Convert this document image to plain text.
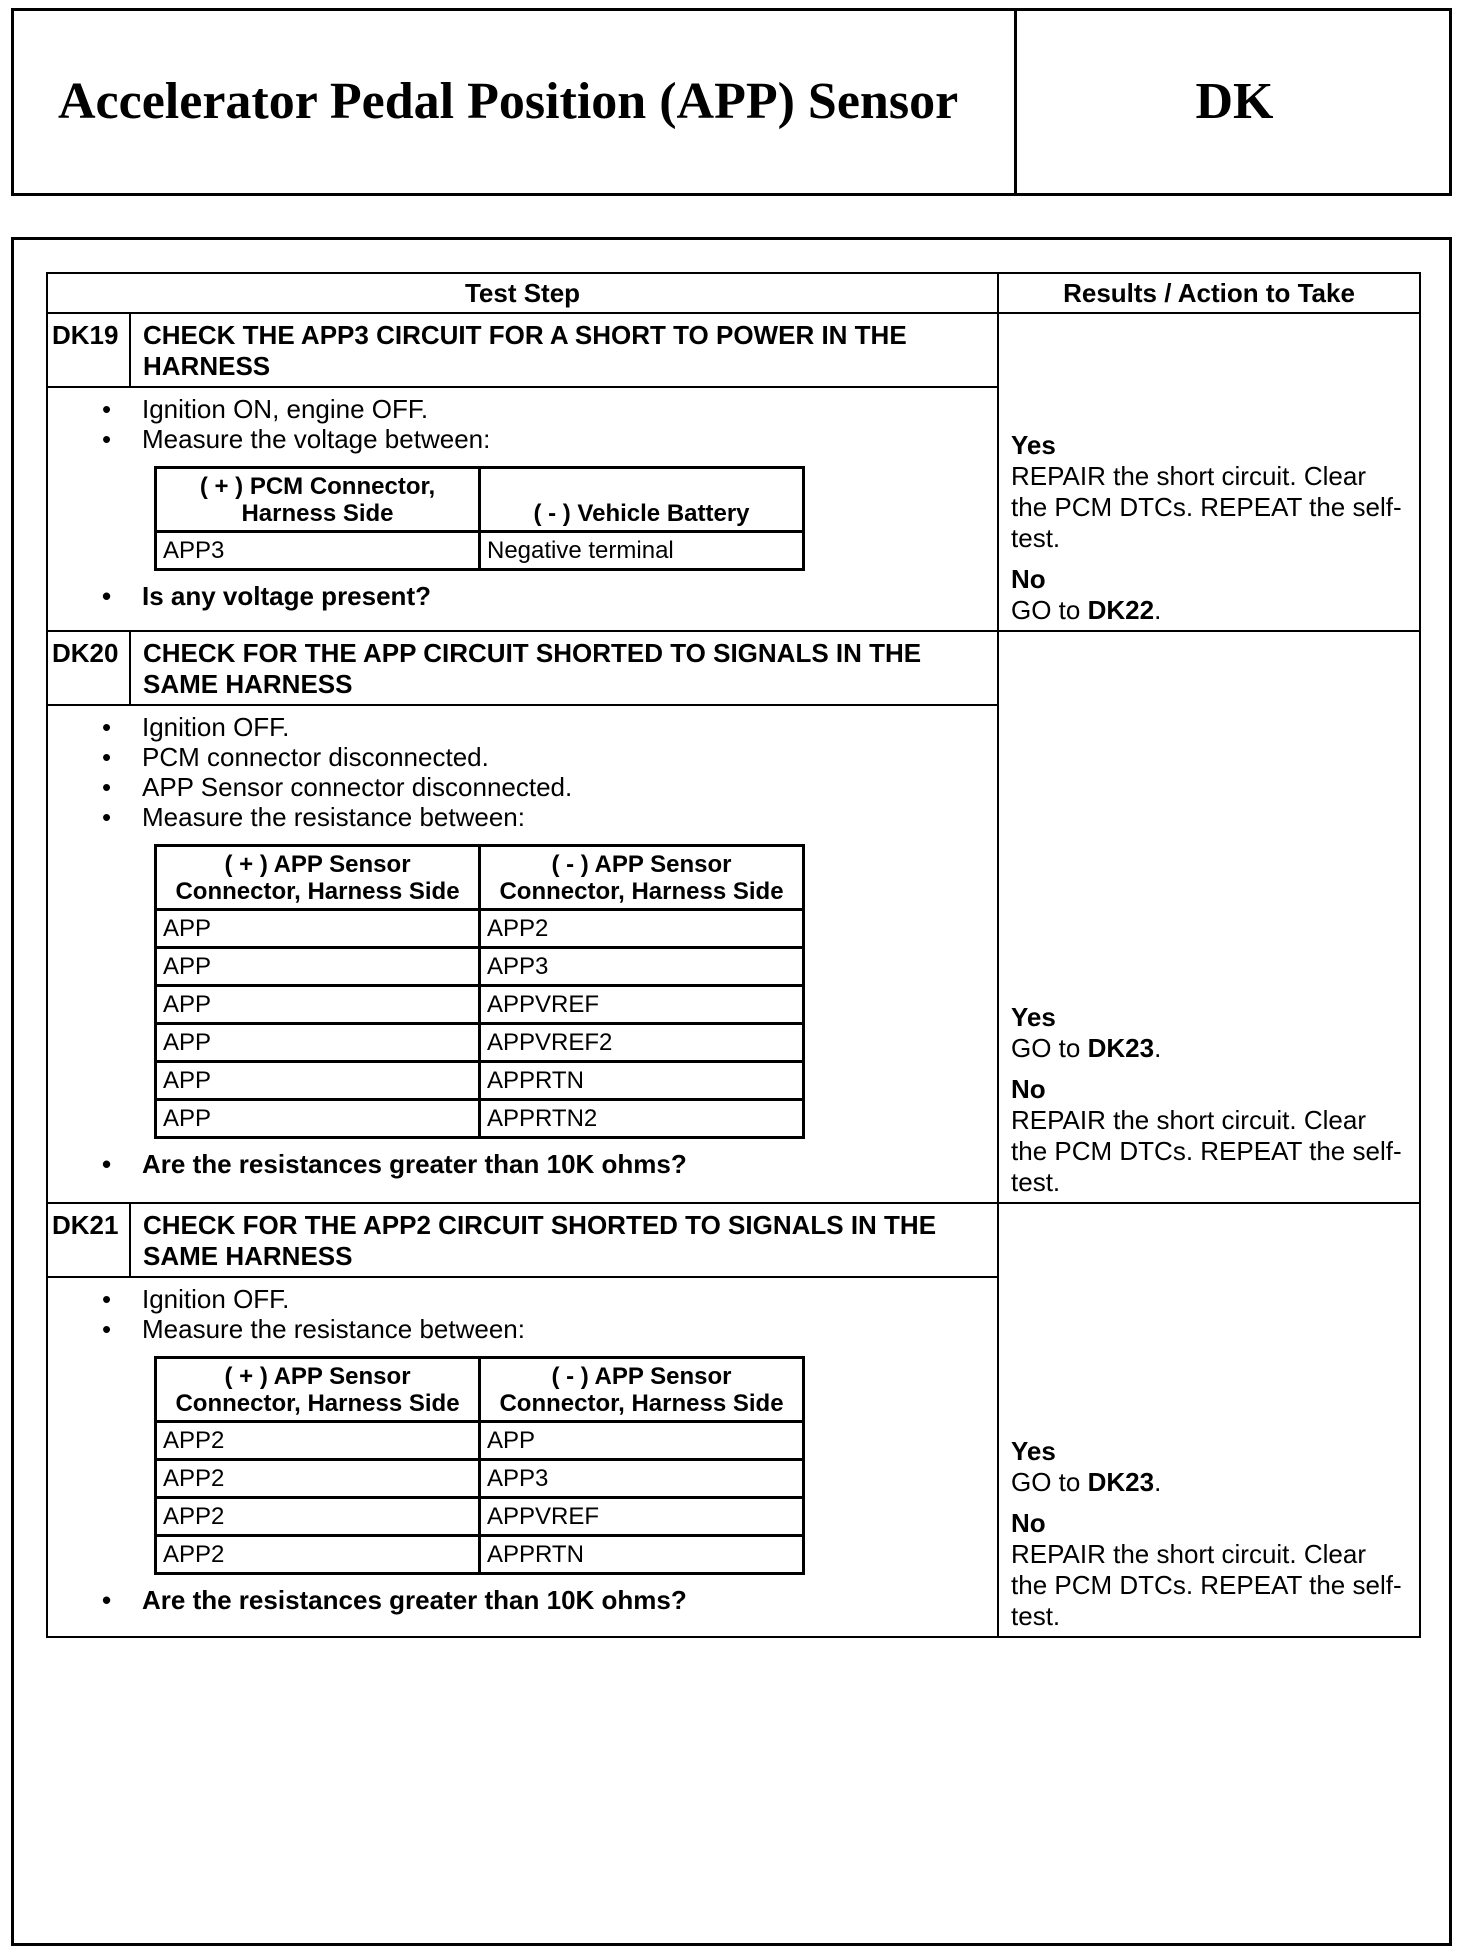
Accelerator Pedal Position (APP) Sensor	DK
Test Step	Results / Action to Take
DK19	CHECK THE APP3 CIRCUIT FOR A SHORT TO POWER IN THE HARNESS	
Yes
REPAIR the short circuit. Clear the PCM DTCs. REPEAT the self-test.
No
GO to DK22.

• Ignition ON, engine OFF.
• Measure the voltage between:
( + ) PCM Connector, Harness Side	( - ) Vehicle Battery
APP3	Negative terminal
• Is any voltage present?

DK20	CHECK FOR THE APP CIRCUIT SHORTED TO SIGNALS IN THE SAME HARNESS	
Yes
GO to DK23.
No
REPAIR the short circuit. Clear the PCM DTCs. REPEAT the self-test.

• Ignition OFF.
• PCM connector disconnected.
• APP Sensor connector disconnected.
• Measure the resistance between:
( + ) APP Sensor Connector, Harness Side	( - ) APP Sensor Connector, Harness Side
APP	APP2
APP	APP3
APP	APPVREF
APP	APPVREF2
APP	APPRTN
APP	APPRTN2
• Are the resistances greater than 10K ohms?

DK21	CHECK FOR THE APP2 CIRCUIT SHORTED TO SIGNALS IN THE SAME HARNESS	
Yes
GO to DK23.
No
REPAIR the short circuit. Clear the PCM DTCs. REPEAT the self-test.

• Ignition OFF.
• Measure the resistance between:
( + ) APP Sensor Connector, Harness Side	( - ) APP Sensor Connector, Harness Side
APP2	APP
APP2	APP3
APP2	APPVREF
APP2	APPRTN
• Are the resistances greater than 10K ohms?
